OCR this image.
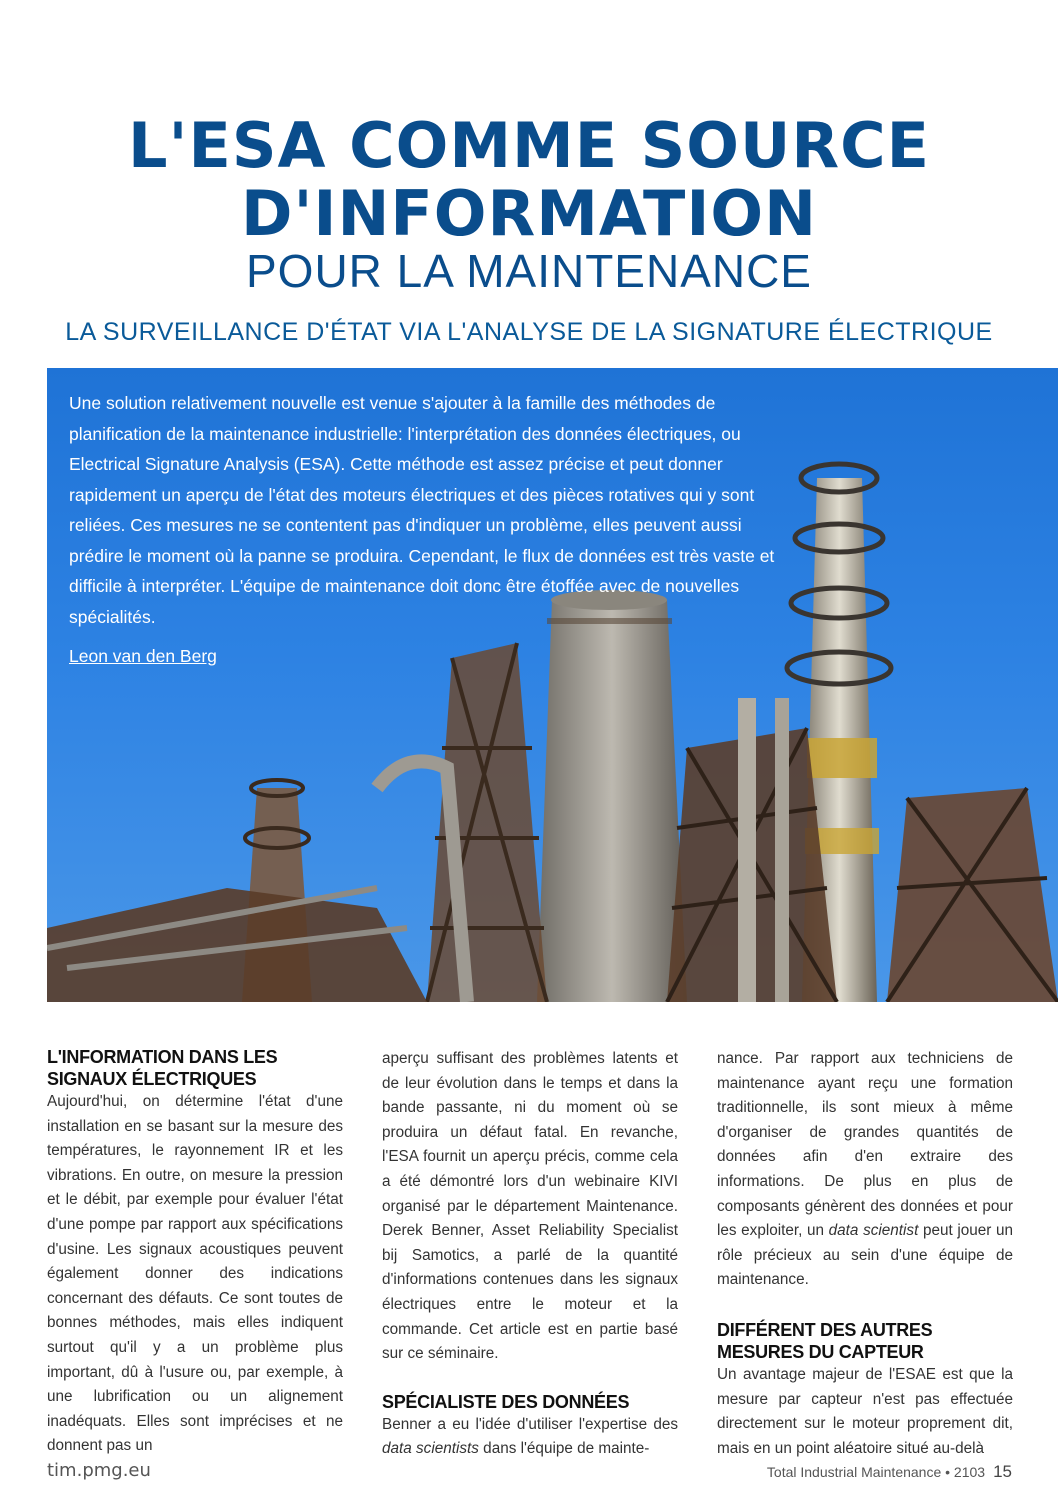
L'ESA COMME SOURCE
D'INFORMATION
POUR LA MAINTENANCE
LA SURVEILLANCE D'ÉTAT VIA L'ANALYSE DE LA SIGNATURE ÉLECTRIQUE
Une solution relativement nouvelle est venue s'ajouter à la famille des méthodes de planification de la maintenance industrielle: l'interprétation des données électriques, ou Electrical Signature Analysis (ESA). Cette méthode est assez précise et peut donner rapidement un aperçu de l'état des moteurs électriques et des pièces rotatives qui y sont reliées. Ces mesures ne se contentent pas d'indiquer un problème, elles peuvent aussi prédire le moment où la panne se produira. Cependant, le flux de données est très vaste et difficile à interpréter. L'équipe de maintenance doit donc être étoffée avec de nouvelles spécialités.
Leon van den Berg
L'INFORMATION DANS LES SIGNAUX ÉLECTRIQUES

Aujourd'hui, on détermine l'état d'une installation en se basant sur la mesure des températures, le rayonnement IR et les vibrations. En outre, on mesure la pression et le débit, par exemple pour évaluer l'état d'une pompe par rapport aux spécifications d'usine. Les signaux acoustiques peuvent également donner des indications concernant des défauts. Ce sont toutes de bonnes méthodes, mais elles indiquent surtout qu'il y a un problème plus important, dû à l'usure ou, par exemple, à une lubrification ou un alignement inadéquats. Elles sont imprécises et ne donnent pas un

aperçu suffisant des problèmes latents et de leur évolution dans le temps et dans la bande passante, ni du moment où se produira un défaut fatal. En revanche, l'ESA fournit un aperçu précis, comme cela a été démontré lors d'un webinaire KIVI organisé par le département Maintenance. Derek Benner, Asset Reliability Specialist bij Samotics, a parlé de la quantité d'informations contenues dans les signaux électriques entre le moteur et la commande. Cet article est en partie basé sur ce séminaire.

SPÉCIALISTE DES DONNÉES

Benner a eu l'idée d'utiliser l'expertise des data scientists dans l'équipe de mainte-

nance. Par rapport aux techniciens de maintenance ayant reçu une formation traditionnelle, ils sont mieux à même d'organiser de grandes quantités de données afin d'en extraire des informations. De plus en plus de composants génèrent des données et pour les exploiter, un data scientist peut jouer un rôle précieux au sein d'une équipe de maintenance.

DIFFÉRENT DES AUTRES MESURES DU CAPTEUR

Un avantage majeur de l'ESAE est que la mesure par capteur n'est pas effectuée directement sur le moteur proprement dit, mais en un point aléatoire situé au-delà

tim.pmg.eu	Total Industrial Maintenance • 2103 15
